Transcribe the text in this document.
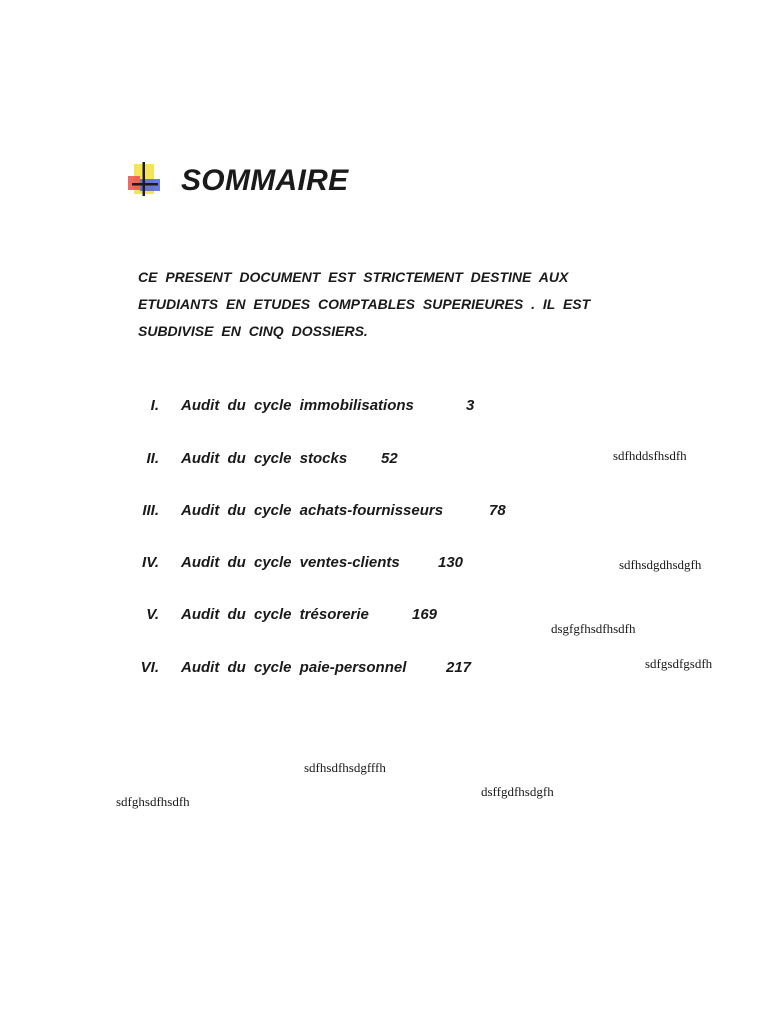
SOMMAIRE
CE PRESENT DOCUMENT EST STRICTEMENT DESTINE AUX
ETUDIANTS EN ETUDES COMPTABLES SUPERIEURES . IL EST
SUBDIVISE EN CINQ DOSSIERS.
I. Audit du cycle immobilisations	3
II. Audit du cycle stocks 52
III. Audit du cycle achats-fournisseurs	78
IV. Audit du cycle ventes-clients	130
V. Audit du cycle trésorerie	169
VI. Audit du cycle paie-personnel	217
sdfhddsfhsdfh
sdfhsdgdhsdgfh
dsgfgfhsdfhsdfh
sdfgsdfgsdfh
sdfhsdfhsdgfffh
dsffgdfhsdgfh
sdfghsdfhsdfh
